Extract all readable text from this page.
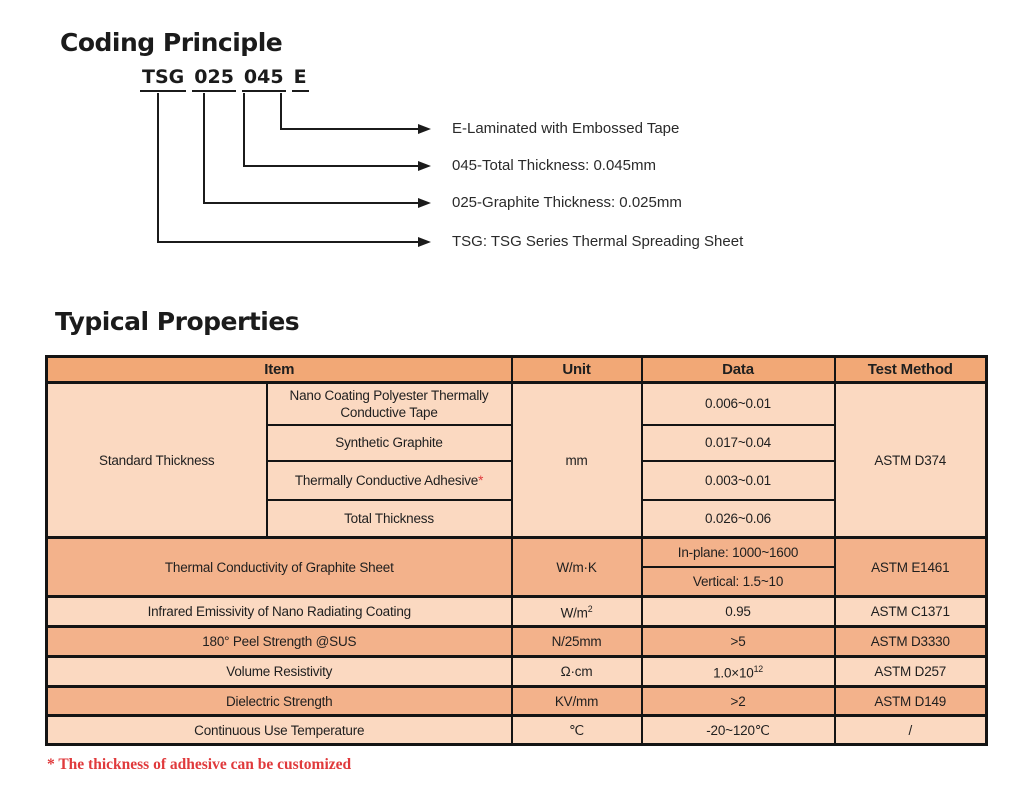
Coding Principle
TSG 025 045 E
E-Laminated with Embossed Tape
045-Total Thickness: 0.045mm
025-Graphite Thickness: 0.025mm
TSG: TSG Series Thermal Spreading Sheet
Typical Properties
Item		Unit	Data	Test Method
Standard Thickness	Nano Coating Polyester Thermally Conductive Tape	mm	0.006~0.01	ASTM D374
	Synthetic Graphite		0.017~0.04	
	Thermally Conductive Adhesive*		0.003~0.01	
	Total Thickness		0.026~0.06	
Thermal Conductivity of Graphite Sheet		W/m·K	In-plane: 1000~1600	ASTM E1461
			Vertical: 1.5~10	
Infrared Emissivity of Nano Radiating Coating		$W/m^2$	0.95	ASTM C1371
180° Peel Strength @SUS		N/25mm	>5	ASTM D3330
Volume Resistivity		Ω·cm	$1.0\times 10^{12}$	ASTM D257
Dielectric Strength		KV/mm	>2	ASTM D149
Continuous Use Temperature		℃	-20~120℃	/
* The thickness of adhesive can be customized
